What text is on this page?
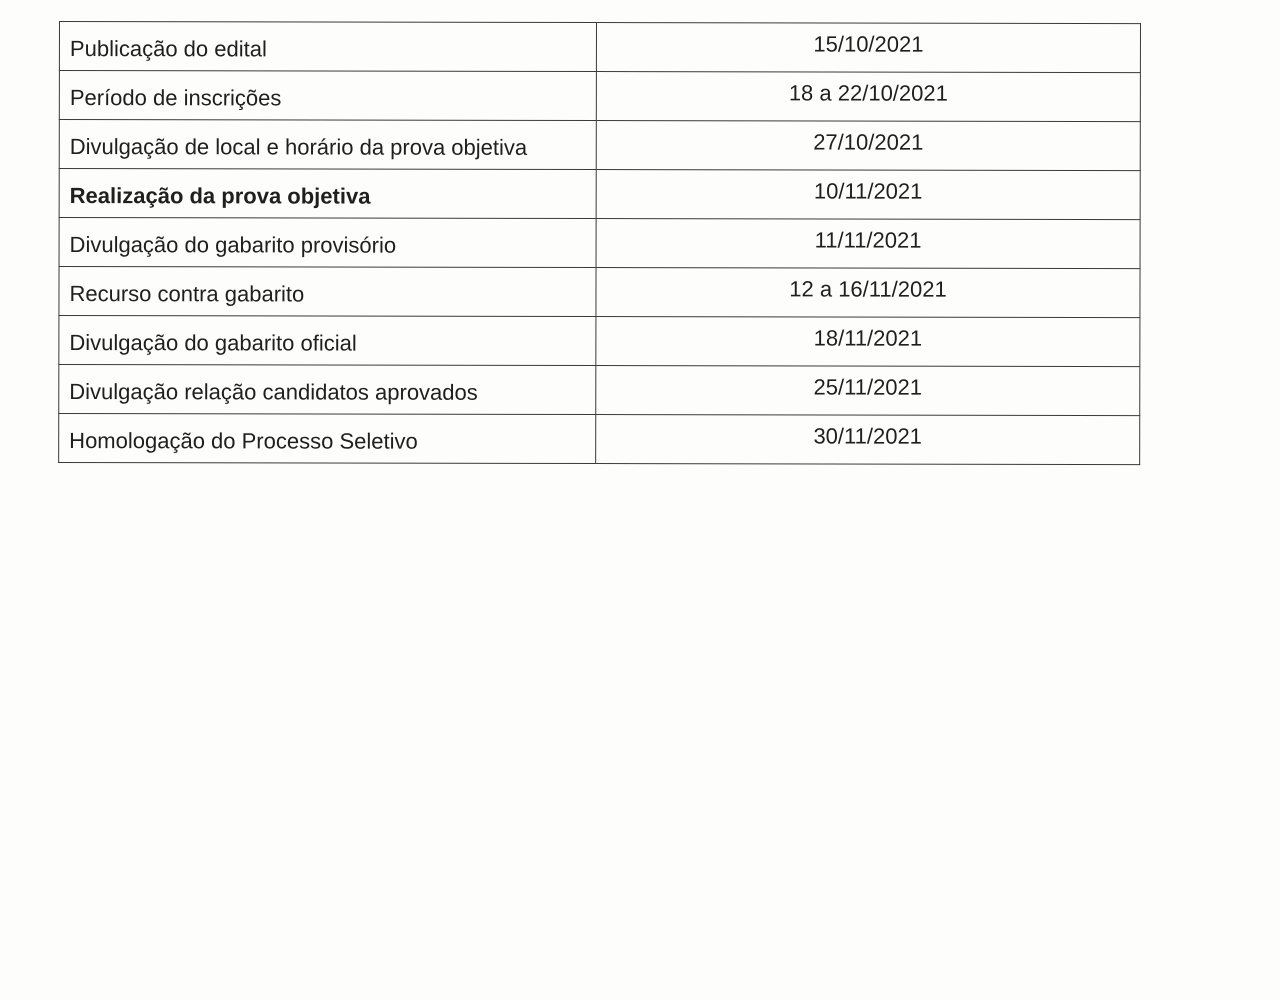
Publicação do edital	15/10/2021
Período de inscrições	18 a 22/10/2021
Divulgação de local e horário da prova objetiva	27/10/2021
Realização da prova objetiva	10/11/2021
Divulgação do gabarito provisório	11/11/2021
Recurso contra gabarito	12 a 16/11/2021
Divulgação do gabarito oficial	18/11/2021
Divulgação relação candidatos aprovados	25/11/2021
Homologação do Processo Seletivo	30/11/2021
